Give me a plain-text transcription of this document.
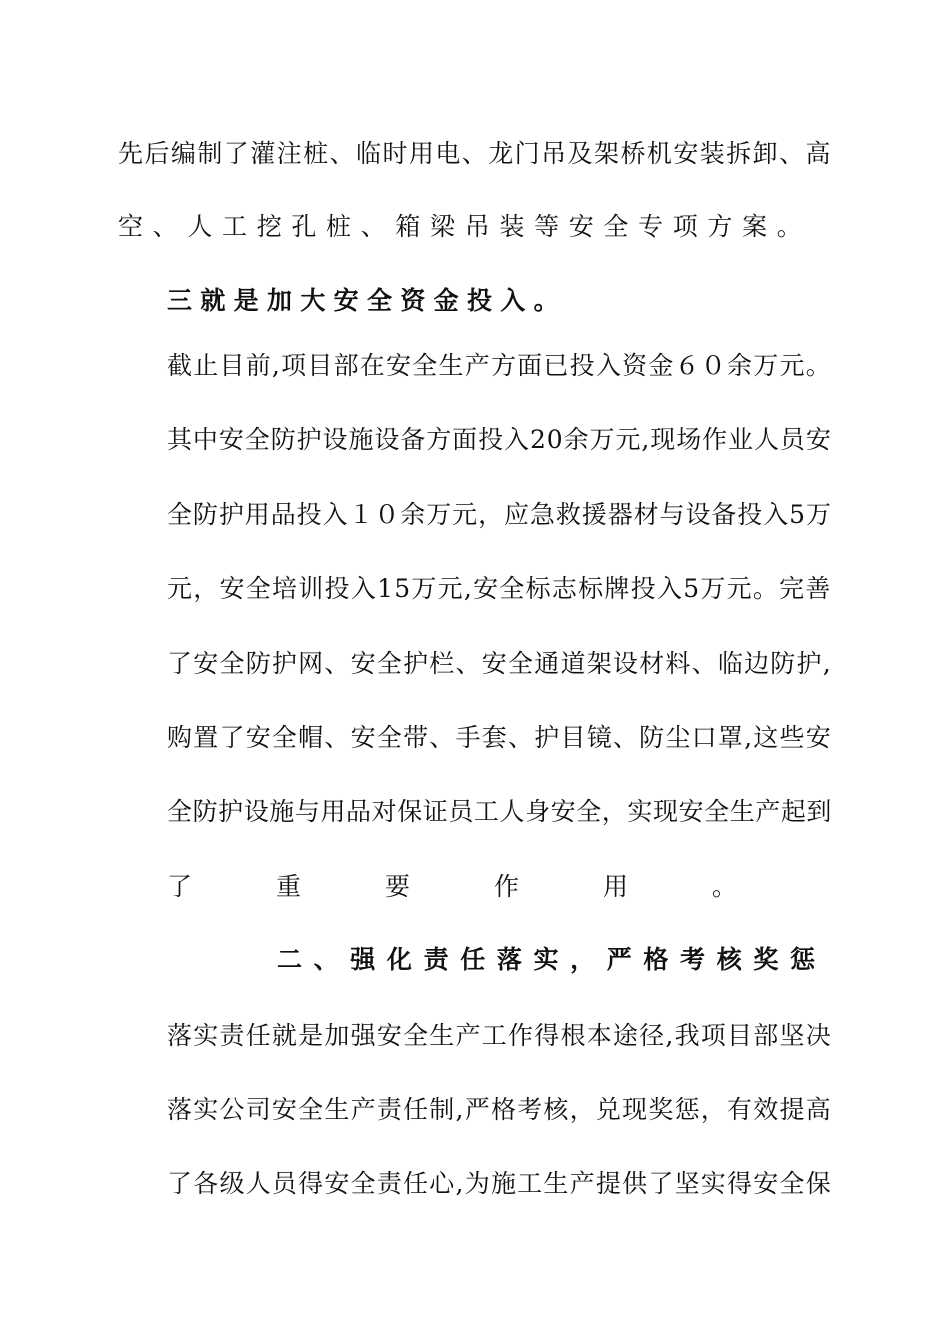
先后编制了灌注桩、临时用电、龙门吊及架桥机安装拆卸、高
空 、 人 工 挖 孔 桩 、 箱 梁 吊 装 等 安 全 专 项 方 案 。
三就是加大安全资金投入。
截止目前,项目部在安全生产方面已投入资金６０余万元。
其中安全防护设施设备方面投入20余万元,现场作业人员安
全防护用品投入１０余万元，应急救援器材与设备投入5万
元，安全培训投入15万元,安全标志标牌投入5万元。完善
了安全防护网、安全护栏、安全通道架设材料、临边防护,
购置了安全帽、安全带、手套、护目镜、防尘口罩,这些安
全防护设施与用品对保证员工人身安全，实现安全生产起到
了	重	要	作	用	。
二 、 强 化 责 任 落 实 ， 严 格 考 核 奖 惩
落实责任就是加强安全生产工作得根本途径,我项目部坚决
落实公司安全生产责任制,严格考核，兑现奖惩，有效提高
了各级人员得安全责任心,为施工生产提供了坚实得安全保
